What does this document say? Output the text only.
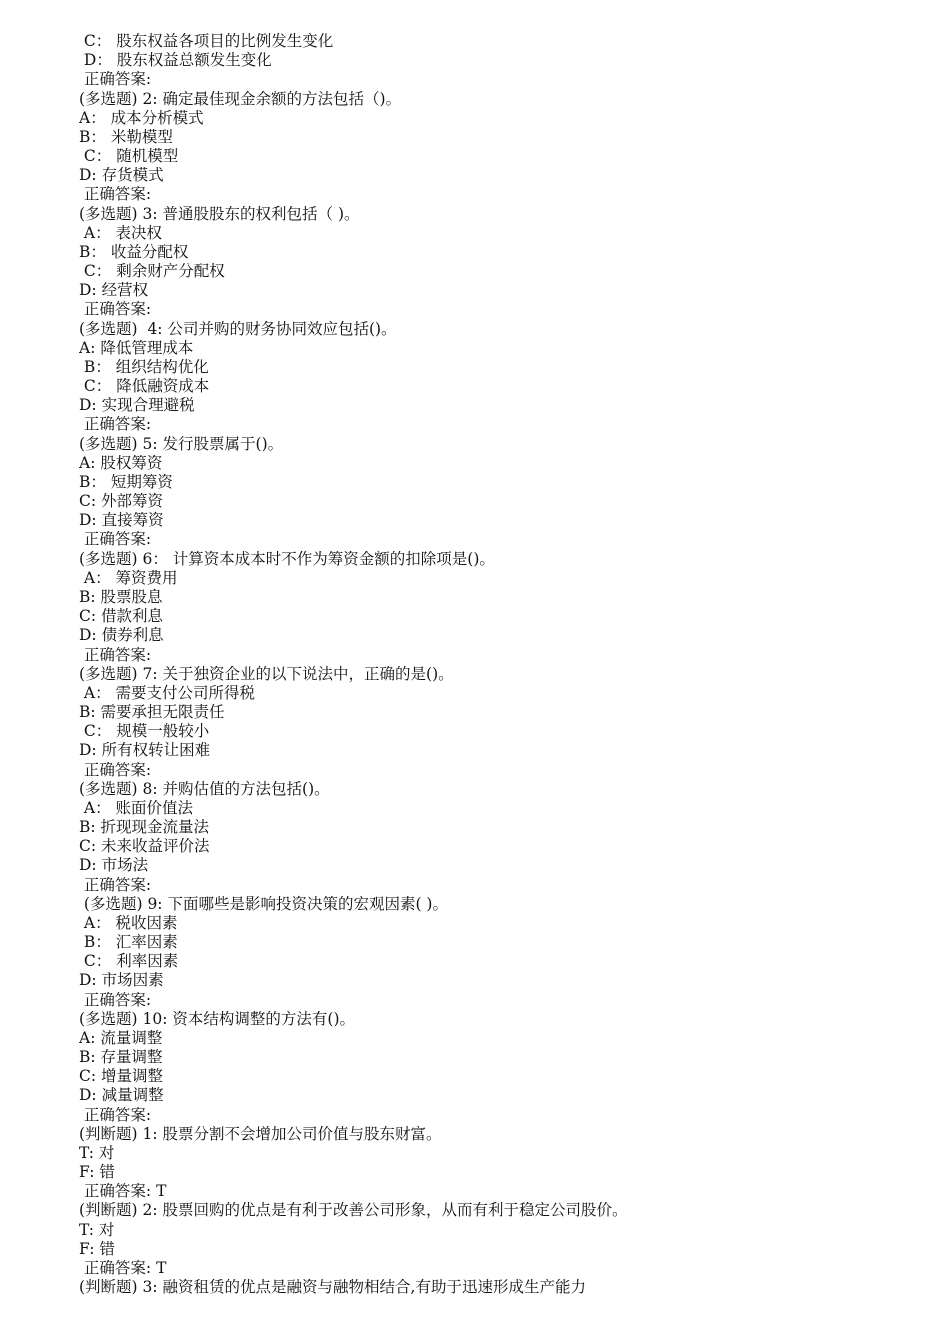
C： 股东权益各项目的比例发生变化
D： 股东权益总额发生变化
正确答案:
(多选题) 2: 确定最佳现金余额的方法包括（)。
A： 成本分析模式
B： 米勒模型
C： 随机模型
D: 存货模式
正确答案:
(多选题) 3: 普通股股东的权利包括（ )。
A： 表决权
B： 收益分配权
C： 剩余财产分配权
D: 经营权
正确答案:
(多选题)  4: 公司并购的财务协同效应包括()。
A: 降低管理成本
B： 组织结构优化
C： 降低融资成本
D: 实现合理避税
正确答案:
(多选题) 5: 发行股票属于()。
A: 股权筹资
B： 短期筹资
C: 外部筹资
D: 直接筹资
正确答案:
(多选题) 6： 计算资本成本时不作为筹资金额的扣除项是()。
A： 筹资费用
B: 股票股息
C: 借款利息
D: 债券利息
正确答案:
(多选题) 7: 关于独资企业的以下说法中，正确的是()。
A： 需要支付公司所得税
B: 需要承担无限责任
C： 规模一般较小
D: 所有权转让困难
正确答案:
(多选题) 8: 并购估值的方法包括()。
A： 账面价值法
B: 折现现金流量法
C: 未来收益评价法
D: 市场法
正确答案:
(多选题) 9: 下面哪些是影响投资决策的宏观因素( )。
A： 税收因素
B： 汇率因素
C： 利率因素
D: 市场因素
正确答案:
(多选题) 10: 资本结构调整的方法有()。
A: 流量调整
B: 存量调整
C: 增量调整
D: 减量调整
正确答案:
(判断题) 1: 股票分割不会增加公司价值与股东财富。
T: 对
F: 错
正确答案: T
(判断题) 2: 股票回购的优点是有利于改善公司形象，从而有利于稳定公司股价。
T: 对
F: 错
正确答案: T
(判断题) 3: 融资租赁的优点是融资与融物相结合,有助于迅速形成生产能力
